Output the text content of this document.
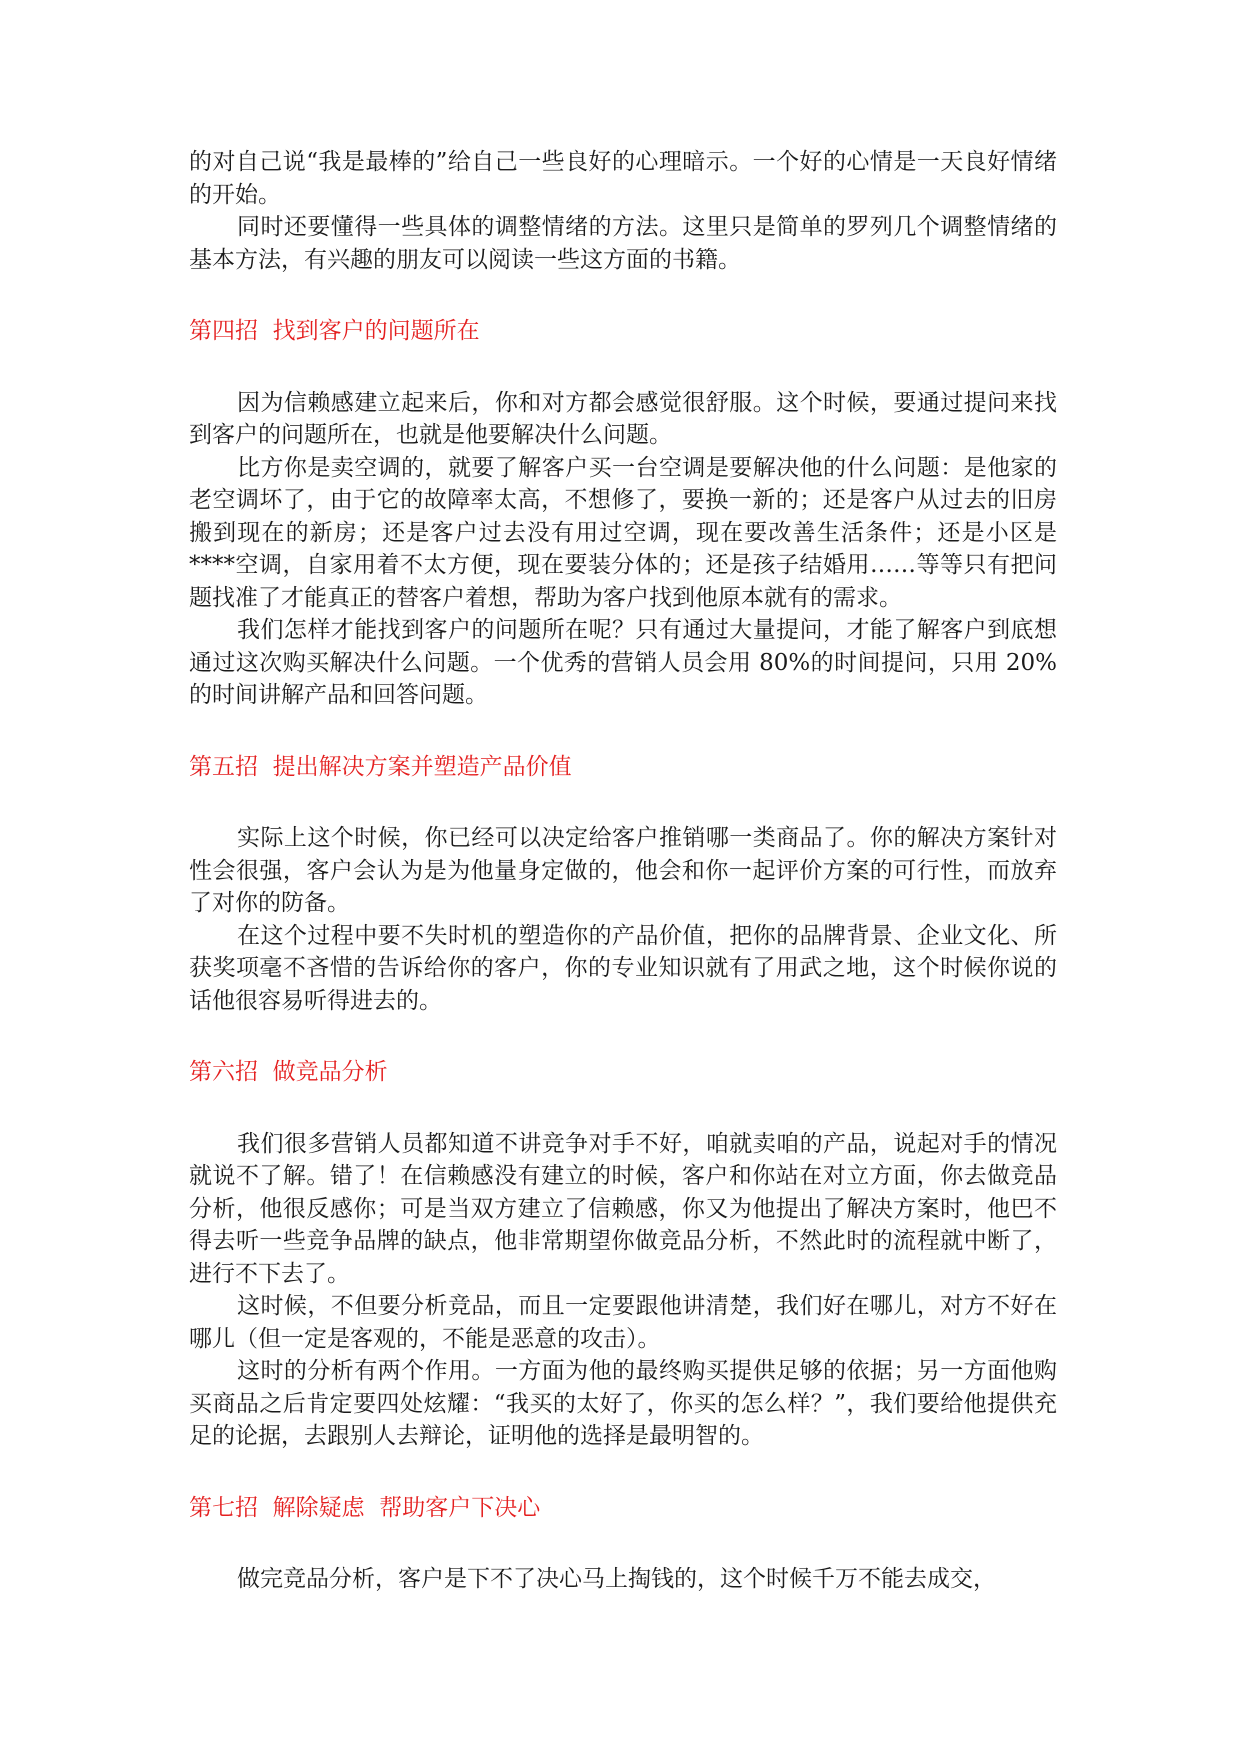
的对自己说“我是最棒的”给自己一些良好的心理暗示。一个好的心情是一天良好情绪的开始。

同时还要懂得一些具体的调整情绪的方法。这里只是简单的罗列几个调整情绪的基本方法，有兴趣的朋友可以阅读一些这方面的书籍。

第四招  找到客户的问题所在

因为信赖感建立起来后，你和对方都会感觉很舒服。这个时候，要通过提问来找到客户的问题所在，也就是他要解决什么问题。

比方你是卖空调的，就要了解客户买一台空调是要解决他的什么问题：是他家的老空调坏了，由于它的故障率太高，不想修了，要换一新的；还是客户从过去的旧房搬到现在的新房；还是客户过去没有用过空调，现在要改善生活条件；还是小区是****空调，自家用着不太方便，现在要装分体的；还是孩子结婚用……等等只有把问题找准了才能真正的替客户着想，帮助为客户找到他原本就有的需求。

我们怎样才能找到客户的问题所在呢？只有通过大量提问，才能了解客户到底想通过这次购买解决什么问题。一个优秀的营销人员会用 80%的时间提问，只用 20%的时间讲解产品和回答问题。

第五招  提出解决方案并塑造产品价值

实际上这个时候，你已经可以决定给客户推销哪一类商品了。你的解决方案针对性会很强，客户会认为是为他量身定做的，他会和你一起评价方案的可行性，而放弃了对你的防备。

在这个过程中要不失时机的塑造你的产品价值，把你的品牌背景、企业文化、所获奖项毫不吝惜的告诉给你的客户，你的专业知识就有了用武之地，这个时候你说的话他很容易听得进去的。

第六招  做竞品分析

我们很多营销人员都知道不讲竞争对手不好，咱就卖咱的产品，说起对手的情况就说不了解。错了！在信赖感没有建立的时候，客户和你站在对立方面，你去做竞品分析，他很反感你；可是当双方建立了信赖感，你又为他提出了解决方案时，他巴不得去听一些竞争品牌的缺点，他非常期望你做竞品分析，不然此时的流程就中断了，进行不下去了。

这时候，不但要分析竞品，而且一定要跟他讲清楚，我们好在哪儿，对方不好在哪儿（但一定是客观的，不能是恶意的攻击）。

这时的分析有两个作用。一方面为他的最终购买提供足够的依据；另一方面他购买商品之后肯定要四处炫耀：“我买的太好了，你买的怎么样？”，我们要给他提供充足的论据，去跟别人去辩论，证明他的选择是最明智的。

第七招  解除疑虑  帮助客户下决心

做完竞品分析，客户是下不了决心马上掏钱的，这个时候千万不能去成交，
